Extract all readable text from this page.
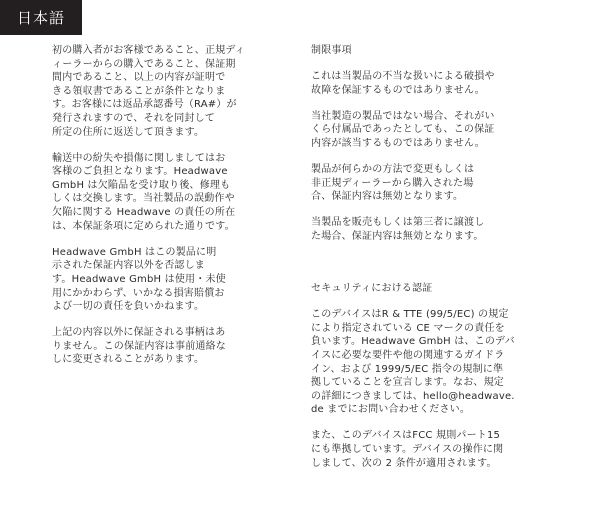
日本語

初の購入者がお客様であること、正規ディ
ィーラーからの購入であること、保証期
間内であること、以上の内容が証明で
きる領収書であることが条件となりま
す。お客様には返品承認番号（RA#）が
発行されますので、それを同封して
所定の住所に返送して頂きます。

輸送中の紛失や損傷に関しましてはお
客様のご負担となります。Headwave
GmbH は欠陥品を受け取り後、修理も
しくは交換します。当社製品の誤動作や
欠陥に関する Headwave の責任の所在
は、本保証条項に定められた通りです。

Headwave GmbH はこの製品に明
示された保証内容以外を否認しま
す。Headwave GmbH は使用・未使
用にかかわらず、いかなる損害賠償お
よび一切の責任を負いかねます。

上記の内容以外に保証される事柄はあ
りません。この保証内容は事前通絡な
しに変更されることがあります。

制限事項

これは当製品の不当な扱いによる破損や
故障を保証するものではありません。

当社製造の製品ではない場合、それがい
くら付属品であったとしても、この保証
内容が該当するものではありません。

製品が何らかの方法で変更もしくは
非正規ディーラーから購入された場
合、保証内容は無効となります。

当製品を販売もしくは第三者に譲渡し
た場合、保証内容は無効となります。

セキュリティにおける認証

このデバイスはR & TTE (99/5/EC) の規定
により指定されている CE マークの責任を
負います。Headwave GmbH は、このデバ
イスに必要な要件や他の関連するガイドラ
イン、および 1999/5/EC 指令の規制に準
拠していることを宣言します。なお、規定
の詳細につきましては、hello@headwave.
de までにお問い合わせください。

また、このデバイスはFCC 規則パート15
にも準拠しています。デバイスの操作に関
しまして、次の 2 条件が適用されます。
